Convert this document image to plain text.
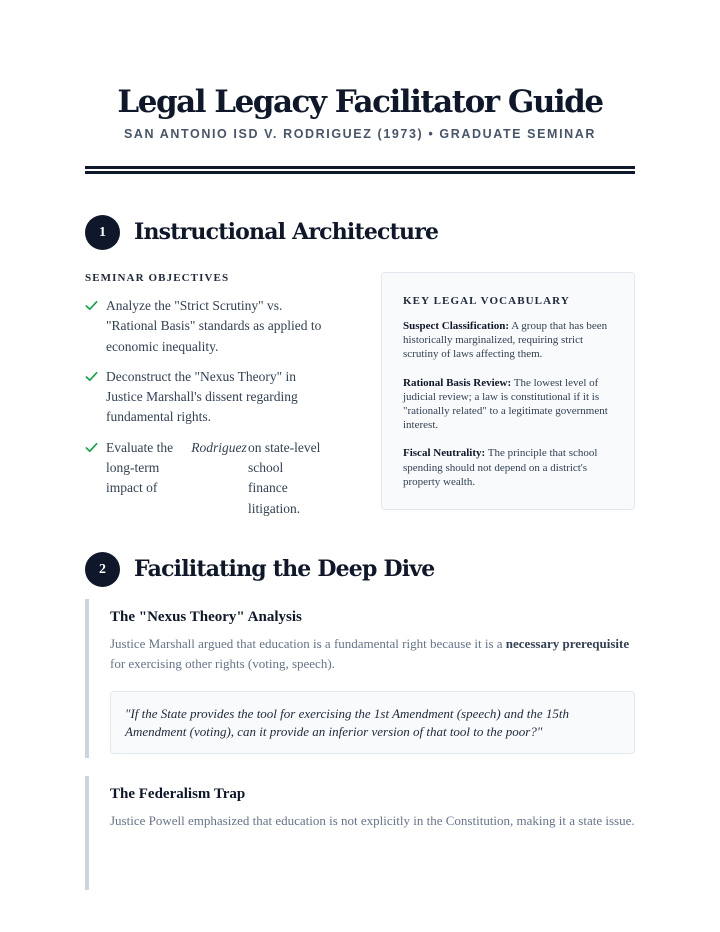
Legal Legacy Facilitator Guide
SAN ANTONIO ISD V. RODRIGUEZ (1973) • GRADUATE SEMINAR
1	Instructional Architecture
SEMINAR OBJECTIVES
Analyze the "Strict Scrutiny" vs. "Rational Basis" standards as applied to economic inequality.
Deconstruct the "Nexus Theory" in Justice Marshall's dissent regarding fundamental rights.
Evaluate the long-term impact of
Rodriguez on state-level school finance litigation.
KEY LEGAL VOCABULARY

Suspect Classification: A group that has been historically marginalized, requiring strict scrutiny of laws affecting them.

Rational Basis Review: The lowest level of judicial review; a law is constitutional if it is "rationally related" to a legitimate government interest.

Fiscal Neutrality: The principle that school spending should not depend on a district's property wealth.

2	Facilitating the Deep Dive
The "Nexus Theory" Analysis

Justice Marshall argued that education is a fundamental right because it is a necessary prerequisite for exercising other rights (voting, speech).

"If the State provides the tool for exercising the 1st Amendment (speech) and the 15th Amendment (voting), can it provide an inferior version of that tool to the poor?"
The Federalism Trap

Justice Powell emphasized that education is not explicitly in the Constitution, making it a state issue.
